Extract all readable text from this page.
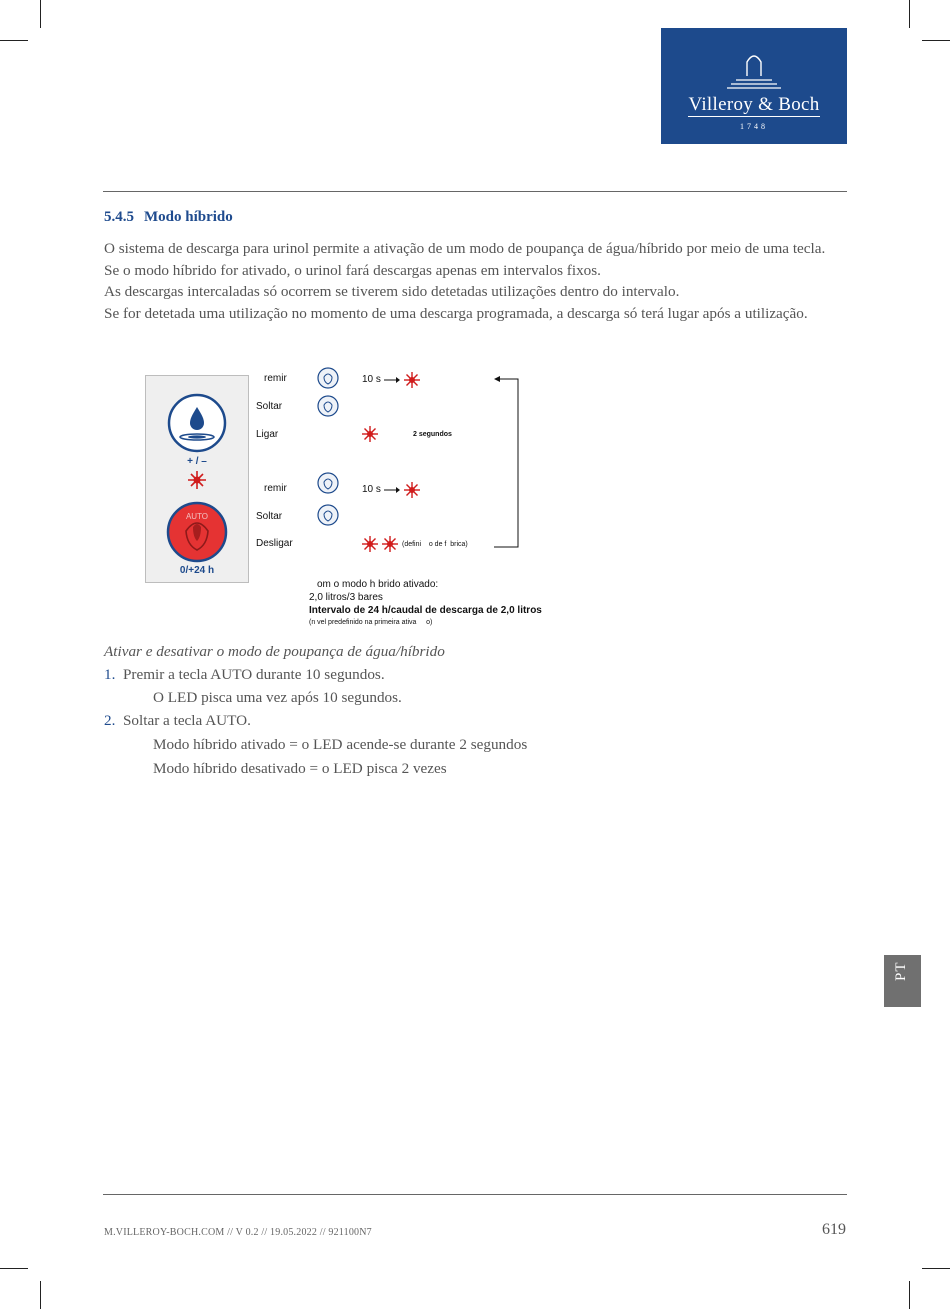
Villeroy & Boch
1748
5.4.5 Modo híbrido

O sistema de descarga para urinol permite a ativação de um modo de poupança de água/híbrido por meio de uma tecla.

Se o modo híbrido for ativado, o urinol fará descargas apenas em intervalos fixos.

As descargas intercaladas só ocorrem se tiverem sido detetadas utilizações dentro do intervalo.

Se for detetada uma utilização no momento de uma descarga programada, a descarga só terá lugar após a utilização.

+ / –
AUTO
0/+24 h
remir
Soltar
Ligar
remir
Soltar
Desligar
10 s
2 segundos
10 s
(defini    o de f  brica)
om o modo h brido ativado:
2,0 litros/3 bares
Intervalo de 24 h/caudal de descarga de 2,0 litros
(n vel predefinido na primeira ativa     o)
Ativar e desativar o modo de poupança de água/híbrido
1. Premir a tecla AUTO durante 10 segundos.
O LED pisca uma vez após 10 segundos.
2. Soltar a tecla AUTO.
Modo híbrido ativado = o LED acende-se durante 2 segundos
Modo híbrido desativado = o LED pisca 2 vezes
PT
M.VILLEROY-BOCH.COM // V 0.2 // 19.05.2022 // 921100N7	619
